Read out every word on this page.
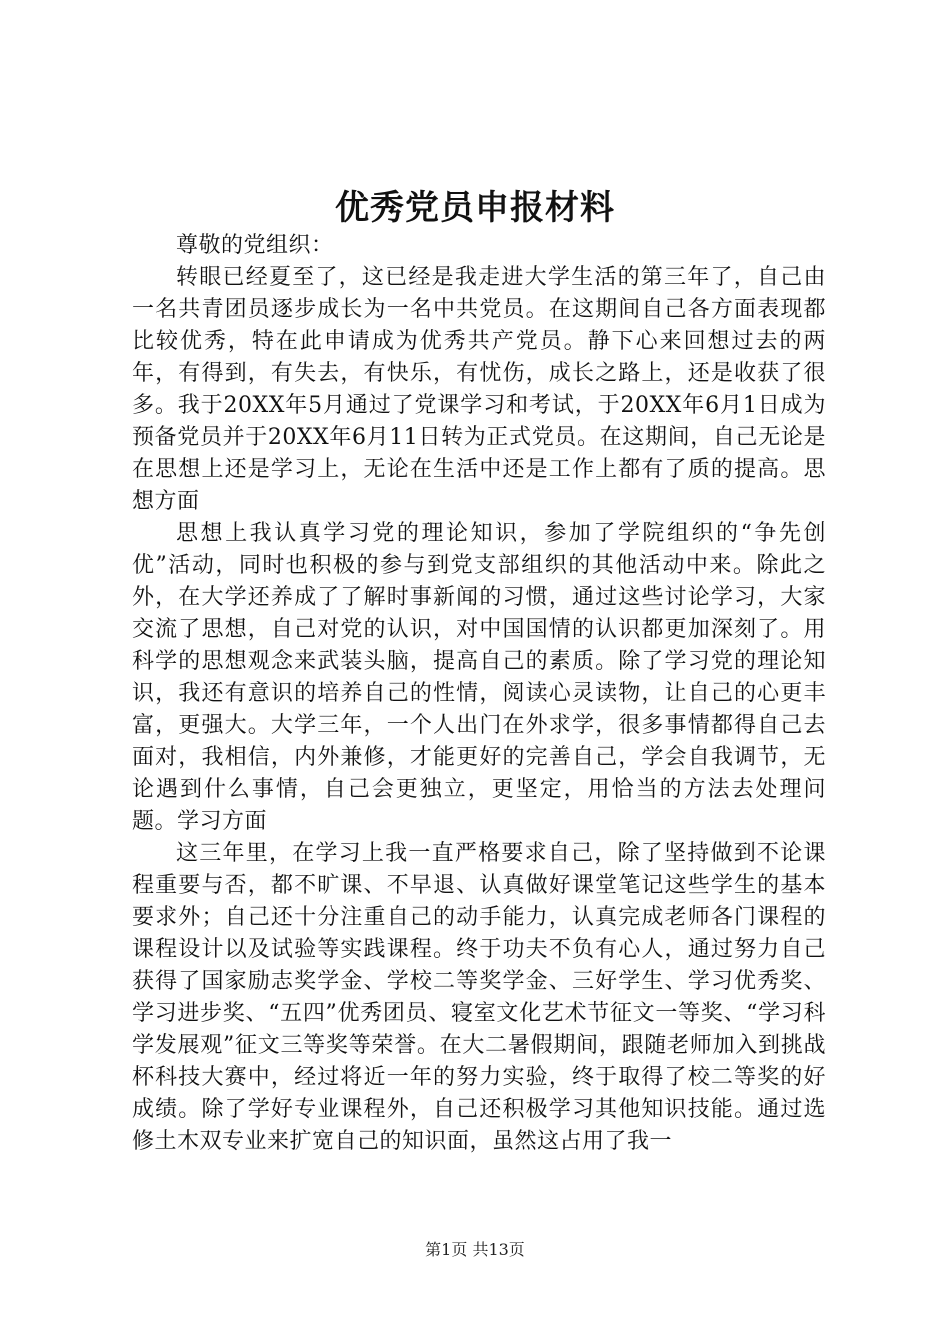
优秀党员申报材料

尊敬的党组织：

转眼已经夏至了，这已经是我走进大学生活的第三年了，自己由一名共青团员逐步成长为一名中共党员。在这期间自己各方面表现都比较优秀，特在此申请成为优秀共产党员。静下心来回想过去的两年，有得到，有失去，有快乐，有忧伤，成长之路上，还是收获了很多。我于20XX年5月通过了党课学习和考试，于20XX年6月1日成为预备党员并于20XX年6月11日转为正式党员。在这期间，自己无论是在思想上还是学习上，无论在生活中还是工作上都有了质的提高。思想方面

思想上我认真学习党的理论知识，参加了学院组织的“争先创优”活动，同时也积极的参与到党支部组织的其他活动中来。除此之外，在大学还养成了了解时事新闻的习惯，通过这些讨论学习，大家交流了思想，自己对党的认识，对中国国情的认识都更加深刻了。用科学的思想观念来武装头脑，提高自己的素质。除了学习党的理论知识，我还有意识的培养自己的性情，阅读心灵读物，让自己的心更丰富，更强大。大学三年，一个人出门在外求学，很多事情都得自己去面对，我相信，内外兼修，才能更好的完善自己，学会自我调节，无论遇到什么事情，自己会更独立，更坚定，用恰当的方法去处理问题。学习方面

这三年里，在学习上我一直严格要求自己，除了坚持做到不论课程重要与否，都不旷课、不早退、认真做好课堂笔记这些学生的基本要求外；自己还十分注重自己的动手能力，认真完成老师各门课程的课程设计以及试验等实践课程。终于功夫不负有心人，通过努力自己获得了国家励志奖学金、学校二等奖学金、三好学生、学习优秀奖、学习进步奖、“五四”优秀团员、寝室文化艺术节征文一等奖、“学习科学发展观”征文三等奖等荣誉。在大二暑假期间，跟随老师加入到挑战杯科技大赛中，经过将近一年的努力实验，终于取得了校二等奖的好成绩。除了学好专业课程外，自己还积极学习其他知识技能。通过选修土木双专业来扩宽自己的知识面，虽然这占用了我一

第1页 共13页
